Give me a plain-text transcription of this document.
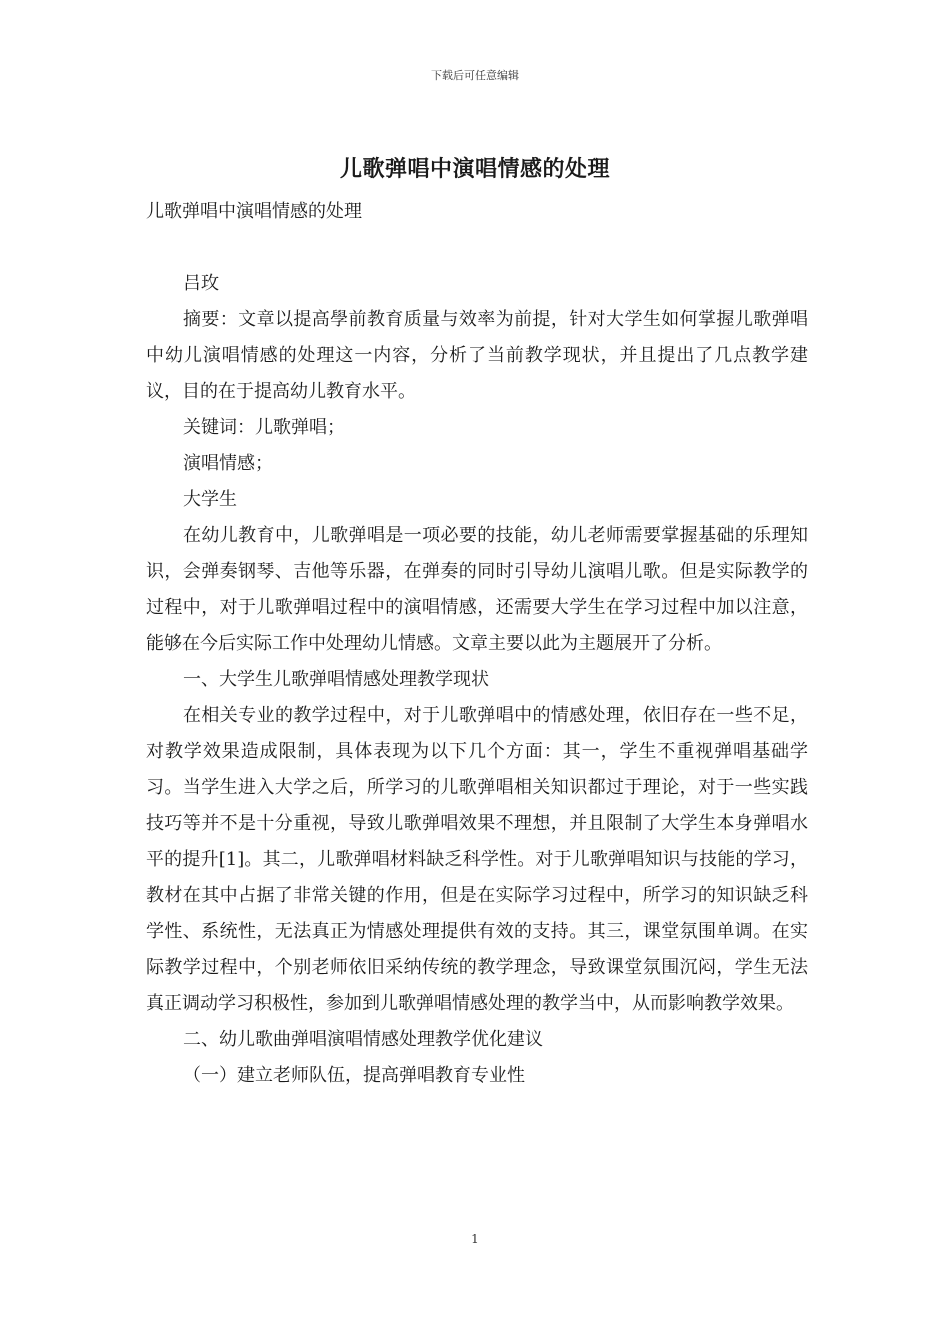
下载后可任意编辑
儿歌弹唱中演唱情感的处理

儿歌弹唱中演唱情感的处理

吕玫

摘要：文章以提高學前教育质量与效率为前提，针对大学生如何掌握儿歌弹唱中幼儿演唱情感的处理这一内容，分析了当前教学现状，并且提出了几点教学建议，目的在于提高幼儿教育水平。

关键词：儿歌弹唱；

演唱情感；

大学生

在幼儿教育中，儿歌弹唱是一项必要的技能，幼儿老师需要掌握基础的乐理知识，会弹奏钢琴、吉他等乐器，在弹奏的同时引导幼儿演唱儿歌。但是实际教学的过程中，对于儿歌弹唱过程中的演唱情感，还需要大学生在学习过程中加以注意，能够在今后实际工作中处理幼儿情感。文章主要以此为主题展开了分析。

一、大学生儿歌弹唱情感处理教学现状

在相关专业的教学过程中，对于儿歌弹唱中的情感处理，依旧存在一些不足，对教学效果造成限制，具体表现为以下几个方面：其一，学生不重视弹唱基础学习。当学生进入大学之后，所学习的儿歌弹唱相关知识都过于理论，对于一些实践技巧等并不是十分重视，导致儿歌弹唱效果不理想，并且限制了大学生本身弹唱水平的提升[1]。其二，儿歌弹唱材料缺乏科学性。对于儿歌弹唱知识与技能的学习，教材在其中占据了非常关键的作用，但是在实际学习过程中，所学习的知识缺乏科学性、系统性，无法真正为情感处理提供有效的支持。其三，课堂氛围单调。在实际教学过程中，个别老师依旧采纳传统的教学理念，导致课堂氛围沉闷，学生无法真正调动学习积极性，参加到儿歌弹唱情感处理的教学当中，从而影响教学效果。

二、幼儿歌曲弹唱演唱情感处理教学优化建议

（一）建立老师队伍，提高弹唱教育专业性

1
